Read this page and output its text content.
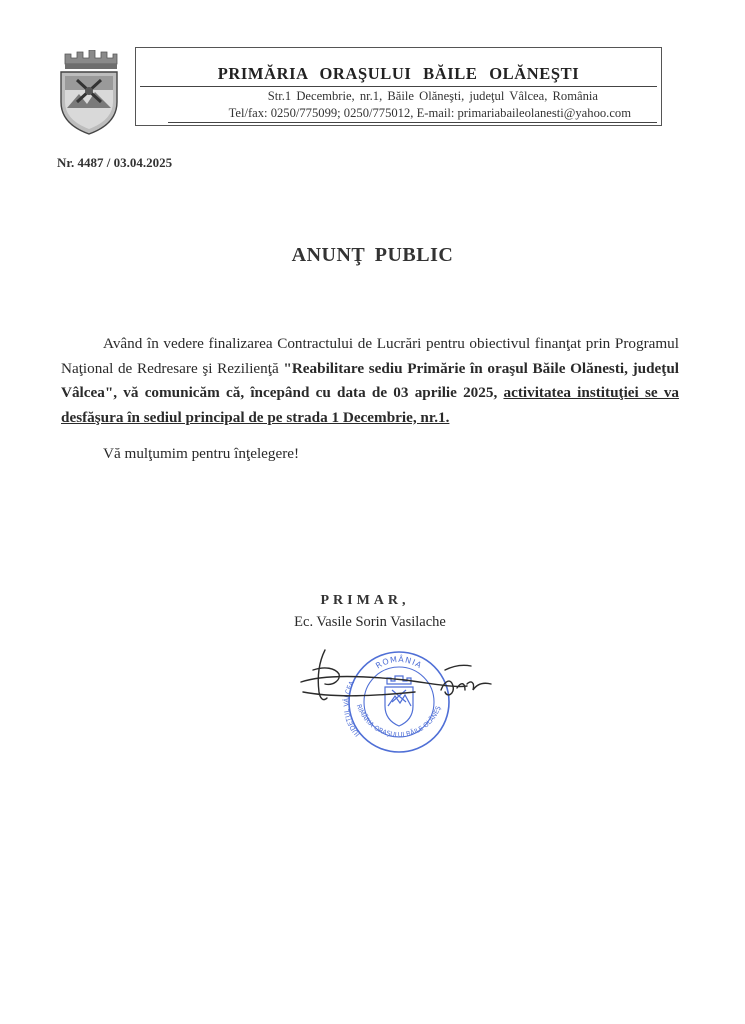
PRIMĂRIA ORAŞULUI BĂILE OLĂNEŞTI
Str.1 Decembrie, nr.1, Băile Olăneşti, judeţul Vâlcea, România
Tel/fax: 0250/775099; 0250/775012, E-mail: primariabaileolanesti@yahoo.com
Nr. 4487 / 03.04.2025
ANUNŢ PUBLIC

Având în vedere finalizarea Contractului de Lucrări pentru obiectivul finanţat prin Programul Naţional de Redresare şi Rezilienţă "Reabilitare sediu Primărie în oraşul Băile Olănesti, judeţul Vâlcea", vă comunicăm că, începând cu data de 03 aprilie 2025, activitatea instituţiei se va desfăşura în sediul principal de pe strada 1 Decembrie, nr.1.

Vă mulţumim pentru înţelegere!

PRIMAR,
Ec. Vasile Sorin Vasilache
ROMÂNIA
RIMĂRIA ORAŞULUI BĂILE OLĂNEŞ
JUDEŢUL VÂLCEA
